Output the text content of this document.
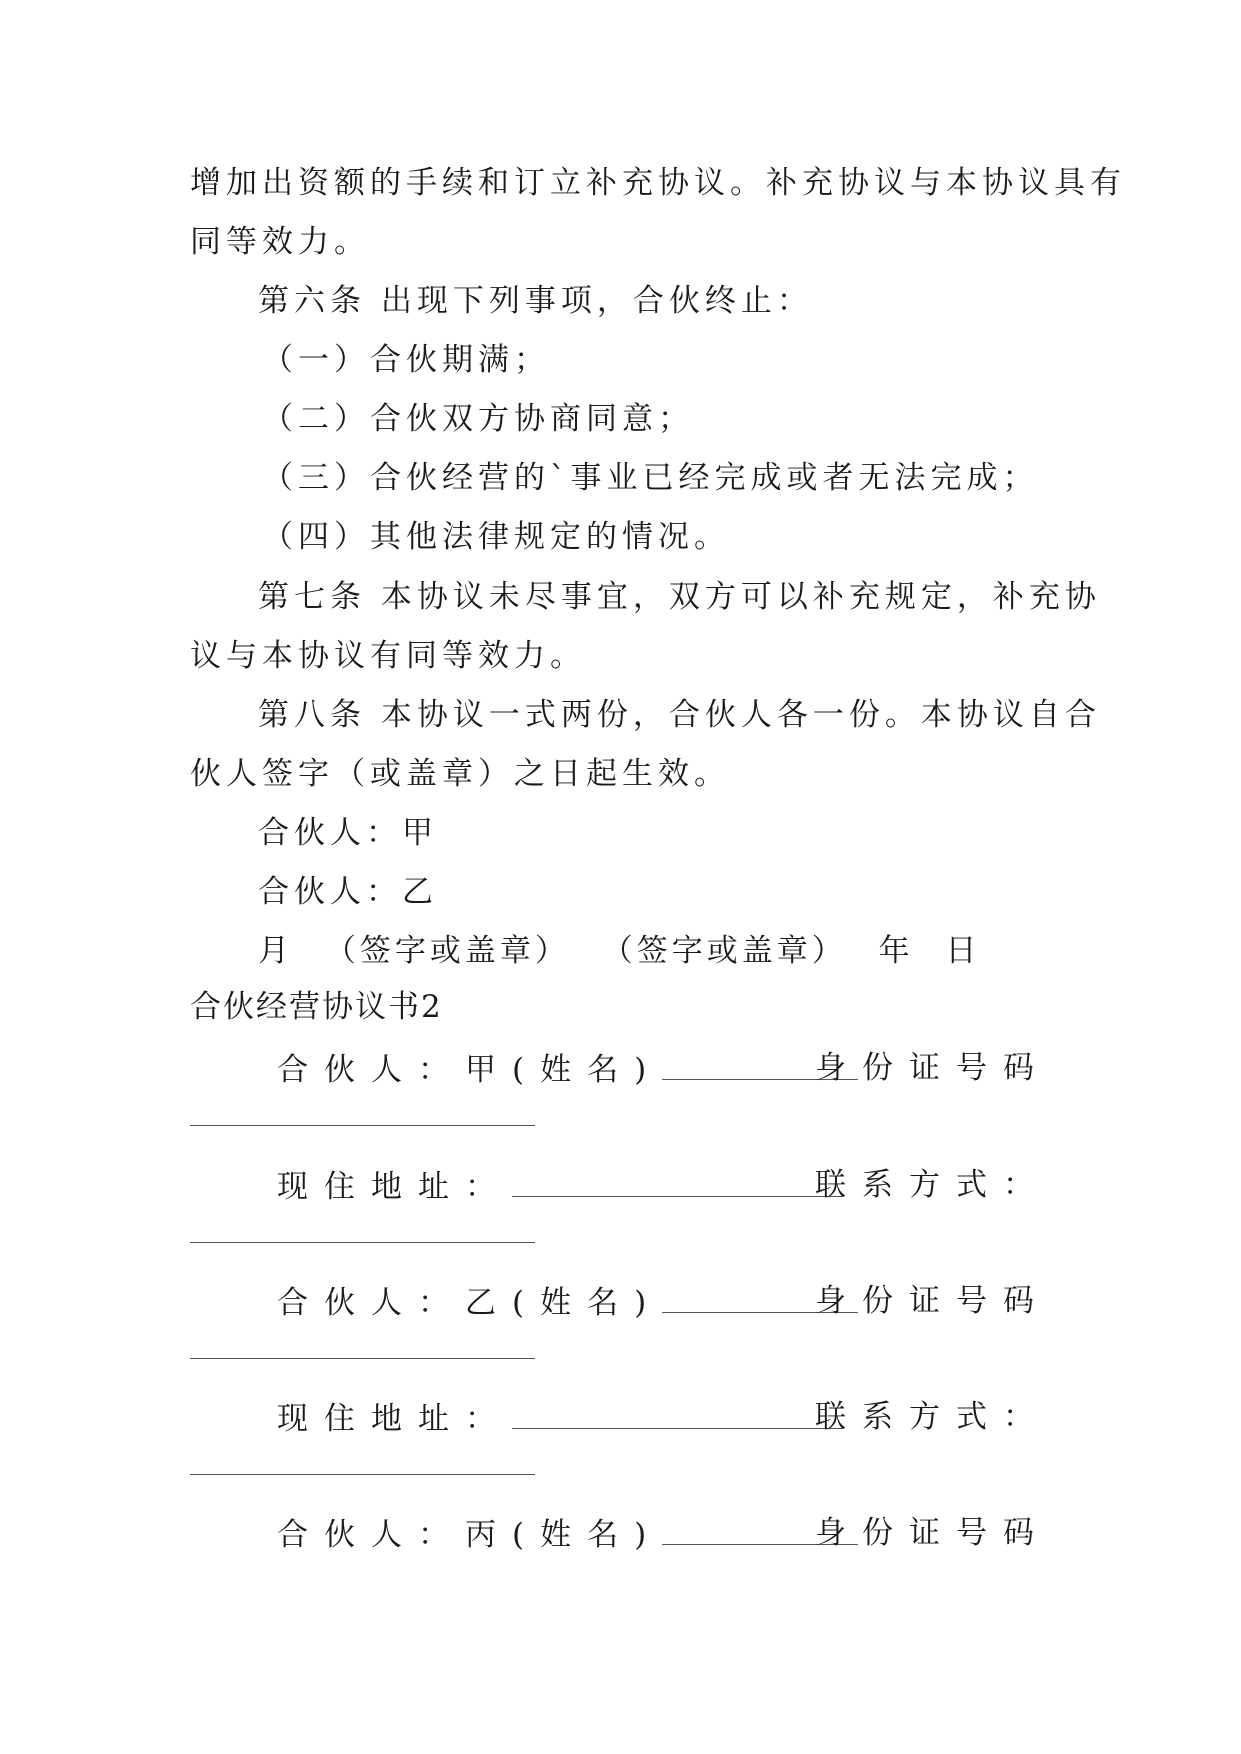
增加出资额的手续和订立补充协议。补充协议与本协议具有
同等效力。
第六条 出现下列事项，合伙终止：
（一）合伙期满；
（二）合伙双方协商同意；
（三）合伙经营的`事业已经完成或者无法完成；
（四）其他法律规定的情况。
第七条 本协议未尽事宜，双方可以补充规定，补充协
议与本协议有同等效力。
第八条 本协议一式两份，合伙人各一份。本协议自合
伙人签字（或盖章）之日起生效。
合伙人：甲
合伙人：乙
月 （签字或盖章） （签字或盖章） 年 日
合伙经营协议书2
合伙人：甲(姓名)	身份证号码
现住地址：	联系方式：
合伙人：乙(姓名)	身份证号码
现住地址：	联系方式：
合伙人：丙(姓名)	身份证号码
